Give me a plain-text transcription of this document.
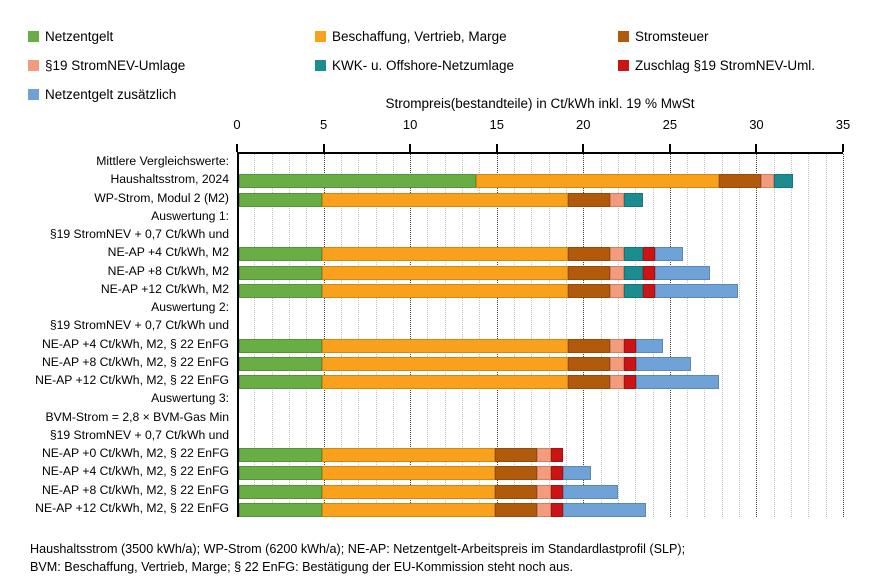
Netzentgelt	Beschaffung, Vertrieb, Marge	Stromsteuer
§19 StromNEV-Umlage	KWK- u. Offshore-Netzumlage	Zuschlag §19 StromNEV-Uml.
Netzentgelt zusätzlich
Strompreis(bestandteile) in Ct/kWh inkl. 19 % MwSt
0	5	10	15	20	25	30	35
Mittlere Vergleichswerte:
Haushaltsstrom, 2024
WP-Strom, Modul 2 (M2)
Auswertung 1:
§19 StromNEV + 0,7 Ct/kWh und
NE-AP +4 Ct/kWh, M2
NE-AP +8 Ct/kWh, M2
NE-AP +12 Ct/kWh, M2
Auswertung 2:
§19 StromNEV + 0,7 Ct/kWh und
NE-AP +4 Ct/kWh, M2, § 22 EnFG
NE-AP +8 Ct/kWh, M2, § 22 EnFG
NE-AP +12 Ct/kWh, M2, § 22 EnFG
Auswertung 3:
BVM-Strom = 2,8 × BVM-Gas Min
§19 StromNEV + 0,7 Ct/kWh und
NE-AP +0 Ct/kWh, M2, § 22 EnFG
NE-AP +4 Ct/kWh, M2, § 22 EnFG
NE-AP +8 Ct/kWh, M2, § 22 EnFG
NE-AP +12 Ct/kWh, M2, § 22 EnFG
Haushaltsstrom (3500 kWh/a); WP-Strom (6200 kWh/a); NE-AP: Netzentgelt-Arbeitspreis im Standardlastprofil (SLP);
BVM: Beschaffung, Vertrieb, Marge; § 22 EnFG: Bestätigung der EU-Kommission steht noch aus.
